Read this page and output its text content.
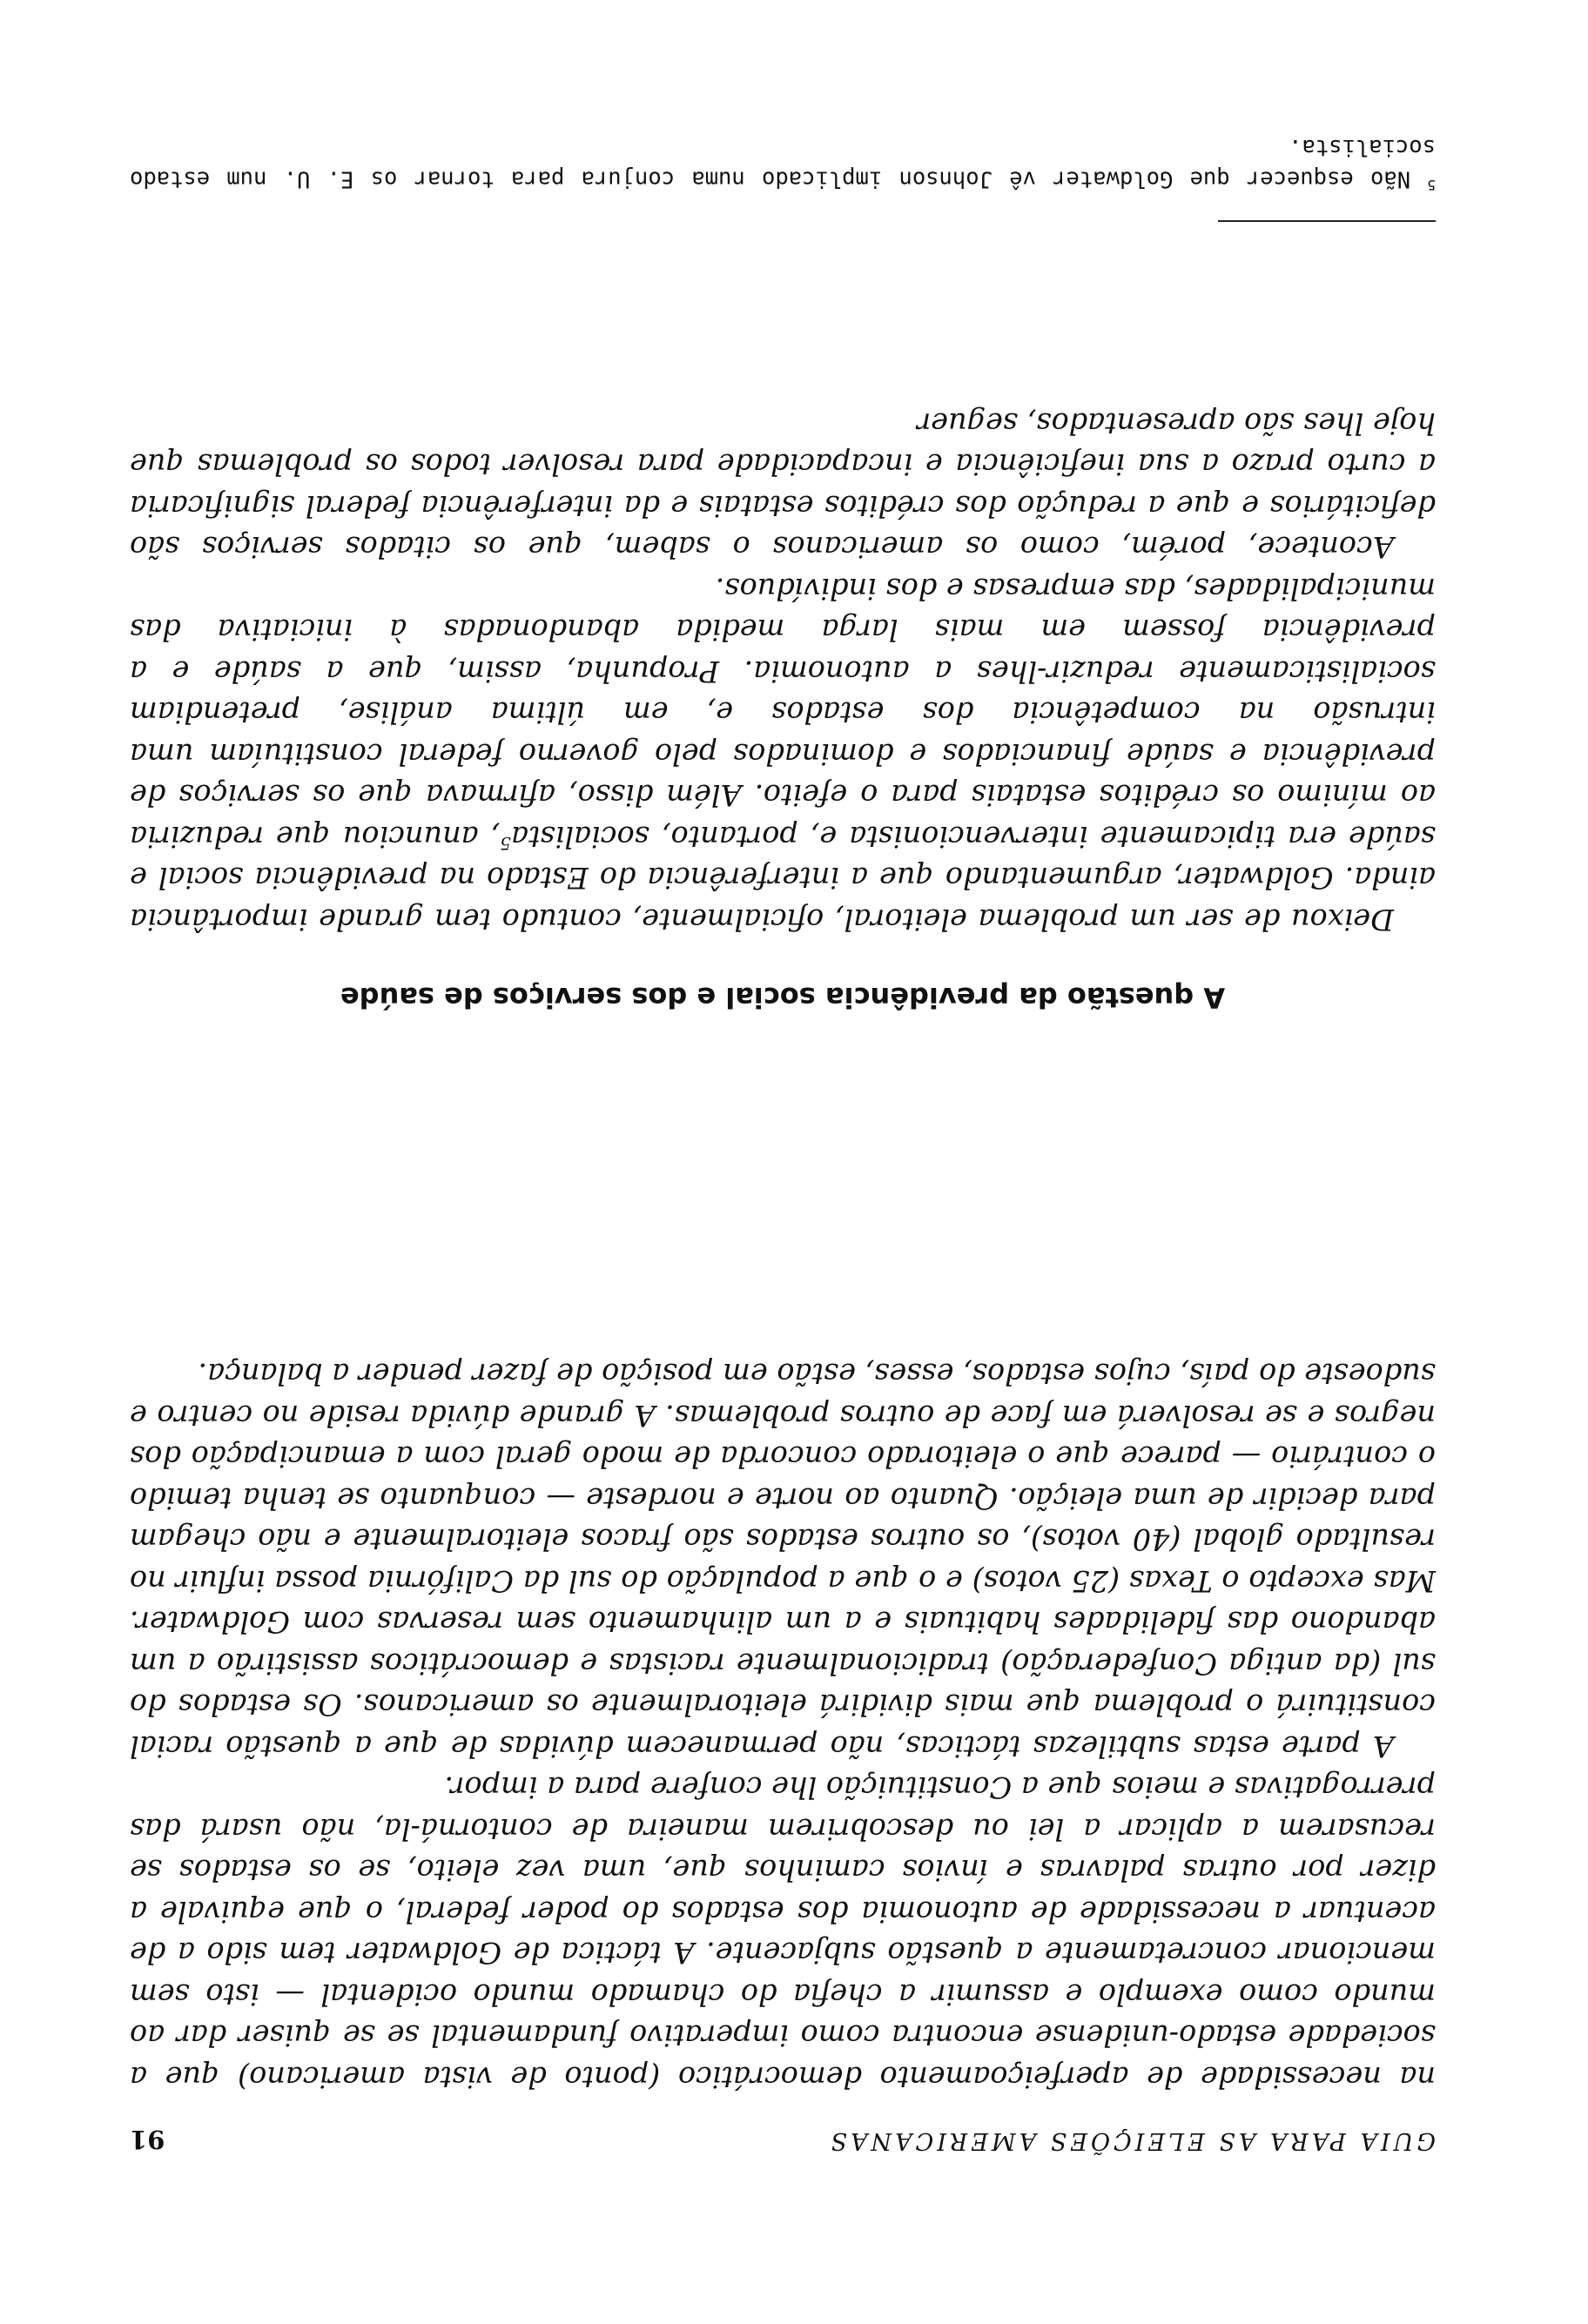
GUIA PARA AS ELEIÇÕES AMERICANAS
91

na necessidade de aperfeiçoamento democrático (ponto de vista americano) que a sociedade estado-unidense encontra como imperativo fundamental se se quiser dar ao mundo como exemplo e assumir a chefia do chamado mundo ocidental — isto sem mencionar concretamente a questão subjacente. A táctica de Goldwater tem sido a de acentuar a necessidade de autonomia dos estados do poder federal, o que equivale a dizer por outras palavras e ínvios caminhos que, uma vez eleito, se os estados se recusarem a aplicar a lei ou descobrirem maneira de contorná-la, não usará das prerrogativas e meios que a Constituição lhe confere para a impor.

A parte estas subtilezas tácticas, não permanecem dúvidas de que a questão racial constituirá o problema que mais dividirá eleitoralmente os americanos. Os estados do sul (da antiga Confederação) tradicionalmente racistas e democráticos assistirão a um abandono das fidelidades habituais e a um alinhamento sem reservas com Goldwater. Mas excepto o Texas (25 votos) e o que a população do sul da Califórnia possa influir no resultado global (40 votos), os outros estados são fracos eleitoralmente e não chegam para decidir de uma eleição. Quanto ao norte e nordeste — conquanto se tenha temido o contrário — parece que o eleitorado concorda de modo geral com a emancipação dos negros e se resolverá em face de outros problemas. A grande dúvida reside no centro e sudoeste do país, cujos estados, esses, estão em posição de fazer pender a balança.

A questão da previdência social e dos serviços de saúde

Deixou de ser um problema eleitoral, oficialmente, contudo tem grande importância ainda. Goldwater, argumentando que a interferência do Estado na previdência social e saúde era tipicamente intervencionista e, portanto, socialista$^5$, anunciou que reduziria ao mínimo os créditos estatais para o efeito. Além disso, afirmava que os serviços de previdência e saúde financiados e dominados pelo governo federal constituíam uma intrusão na competência dos estados e, em última análise, pretendiam socialisticamente reduzir-lhes a autonomia. Propunha, assim, que a saúde e a previdência fossem em mais larga medida abandonadas à iniciativa das municipalidades, das empresas e dos indivíduos.

Acontece, porém, como os americanos o sabem, que os citados serviços são deficitários e que a redução dos créditos estatais e da interferência federal significaria a curto prazo a sua ineficiência e incapacidade para resolver todos os problemas que hoje lhes são apresentados, seguer

$^5$ Não esquecer que Goldwater vê Johnson implicado numa conjura para tornar os E. U. num estado socialista.
